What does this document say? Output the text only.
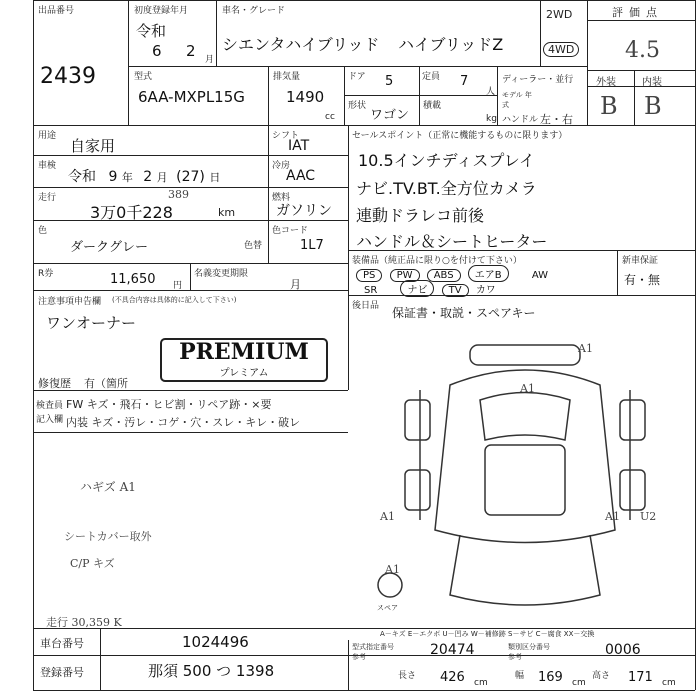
出品番号
2439
初度登録年月
令和
6 2 月
車名・グレード
シエンタハイブリッド ハイブリッドZ
2WD
4WD
評価点
4.5
外装	内装
B B
型式
6AA-MXPL15G
排気量
1490
cc
ドア 5	定員 7
人
形状
ワゴン
積載
kg
ディーラー・並行
モデル 年式
ハンドル 左・右
用途
自家用
車検
令和 9 年 2 月 (27) 日
走行
3万0千228
389
km
色
ダークグレー	色替
シフト
IAT
冷房
AAC
燃料
ガソリン
色コード
1L7
R券	11,650 円
名義変更期限
月
セールスポイント（正常に機能するものに限ります）
10.5インチディスプレイ
ナビ.TV.BT.全方位カメラ
連動ドラレコ前後
ハンドル＆シートヒーター
装備品（純正品に限り○を付けて下さい）
PS PW ABS エアB	AW
SR	ナビ TV カワ
新車保証
有・無
後日品 保証書・取説・スペアキー
注意事項申告欄 (不具合内容は具体的に記入して下さい)
ワンオーナー
PREMIUM
プレミアム
修復歴 有（箇所
検査員
記入欄
FW キズ・飛石・ヒビ割・リペア跡・×要
内装 キズ・汚レ・コゲ・穴・スレ・キレ・破レ
ハギズ A1
シートカバー取外
C/P キズ
走行 30,359 K
A1
A1
A1	A1 U2
A1
スペア
A－キズ E－エクボ U－凹み W－補修跡 S－サビ C－腐食 XX－交換
車台番号	1024496
登録番号	那須 500 つ 1398
型式指定番号 参考	20474	類別区分番号 参考	0006
長さ 426 cm
幅 169 cm
高さ 171 cm
